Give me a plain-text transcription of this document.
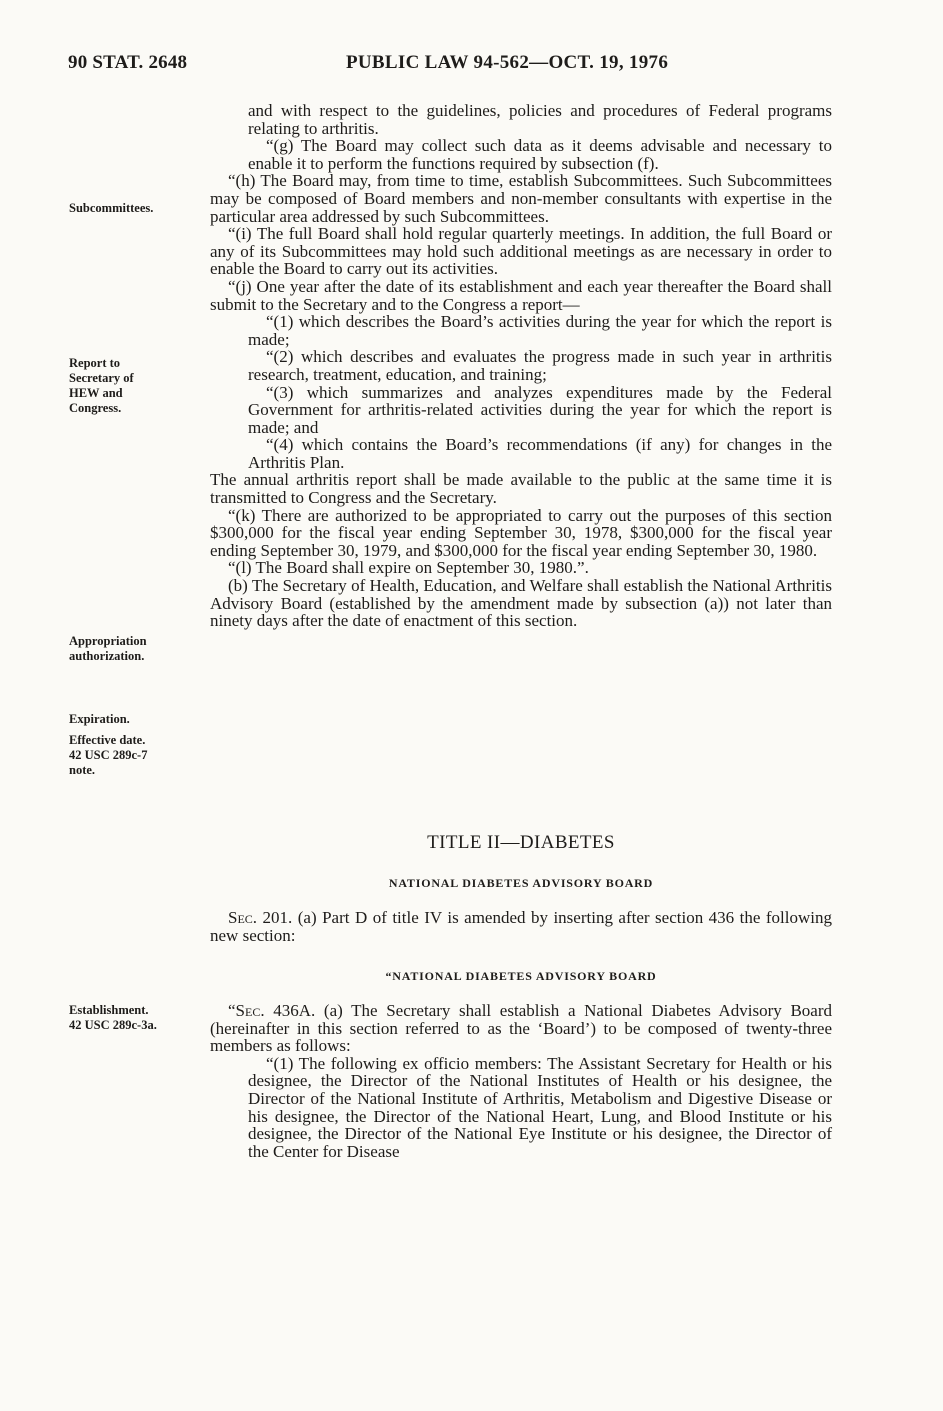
90 STAT. 2648	PUBLIC LAW 94-562—OCT. 19, 1976
Subcommittees.
Report to
Secretary of
HEW and
Congress.
Appropriation
authorization.
Expiration.
Effective date.
42 USC 289c-7
note.
Establishment.
42 USC 289c-3a.

and with respect to the guidelines, policies and procedures of Federal programs relating to arthritis.

“(g) The Board may collect such data as it deems advisable and necessary to enable it to perform the functions required by subsection (f).

“(h) The Board may, from time to time, establish Subcommittees. Such Subcommittees may be composed of Board members and non-member consultants with expertise in the particular area addressed by such Subcommittees.

“(i) The full Board shall hold regular quarterly meetings. In addition, the full Board or any of its Subcommittees may hold such additional meetings as are necessary in order to enable the Board to carry out its activities.

“(j) One year after the date of its establishment and each year thereafter the Board shall submit to the Secretary and to the Congress a report—

“(1) which describes the Board’s activities during the year for which the report is made;

“(2) which describes and evaluates the progress made in such year in arthritis research, treatment, education, and training;

“(3) which summarizes and analyzes expenditures made by the Federal Government for arthritis-related activities during the year for which the report is made; and

“(4) which contains the Board’s recommendations (if any) for changes in the Arthritis Plan.

The annual arthritis report shall be made available to the public at the same time it is transmitted to Congress and the Secretary.

“(k) There are authorized to be appropriated to carry out the purposes of this section $300,000 for the fiscal year ending September 30, 1978, $300,000 for the fiscal year ending September 30, 1979, and $300,000 for the fiscal year ending September 30, 1980.

“(l) The Board shall expire on September 30, 1980.”.

(b) The Secretary of Health, Education, and Welfare shall establish the National Arthritis Advisory Board (established by the amendment made by subsection (a)) not later than ninety days after the date of enactment of this section.

TITLE II—DIABETES
NATIONAL DIABETES ADVISORY BOARD

Sec. 201. (a) Part D of title IV is amended by inserting after section 436 the following new section:

“NATIONAL DIABETES ADVISORY BOARD

“Sec. 436A. (a) The Secretary shall establish a National Diabetes Advisory Board (hereinafter in this section referred to as the ‘Board’) to be composed of twenty-three members as follows:

“(1) The following ex officio members: The Assistant Secretary for Health or his designee, the Director of the National Institutes of Health or his designee, the Director of the National Institute of Arthritis, Metabolism and Digestive Disease or his designee, the Director of the National Heart, Lung, and Blood Institute or his designee, the Director of the National Eye Institute or his designee, the Director of the Center for Disease
